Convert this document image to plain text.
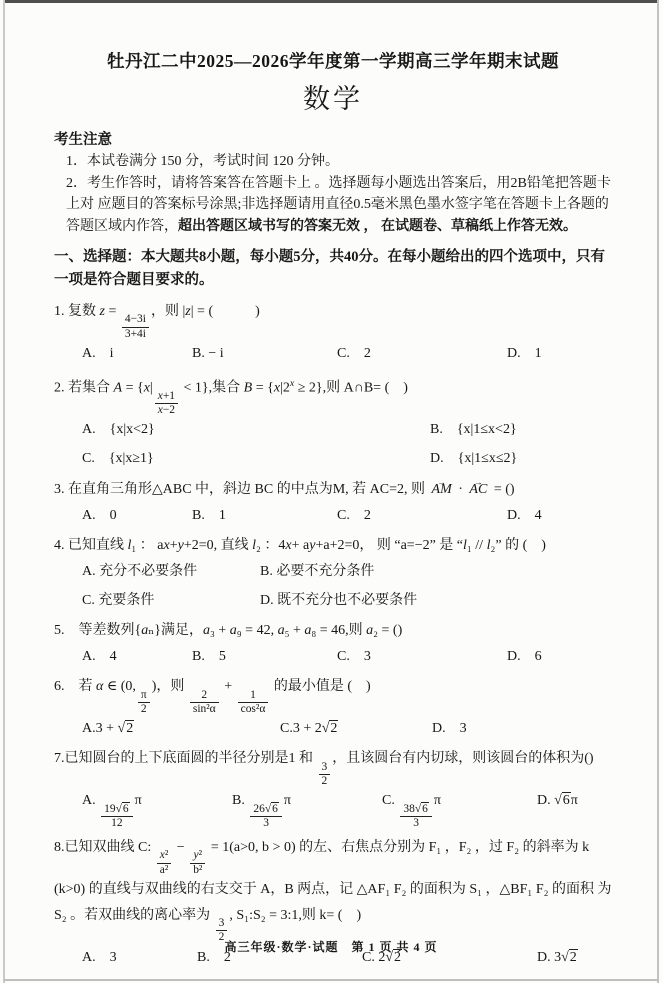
牡丹江二中2025—2026学年度第一学期高三学年期末试题
数学

考生注意

1．本试卷满分 150 分，考试时间 120 分钟。

2．考生作答时，请将答案答在答题卡上 。选择题每小题选出答案后，用2B铅笔把答题卡上对 应题目的答案标号涂黑;非选择题请用直径0.5毫米黑色墨水签字笔在答题卡上各题的答题区域内作答，超出答题区域书写的答案无效 ， 在试题卷、草稿纸上作答无效。

一、选择题：本大题共8小题，每小题5分，共40分。在每小题给出的四个选项中，只有一项是符合题目要求的。

1. 复数 z =
$\frac{4-3i}{3+4i}$
，则 |z| = (　　　)

A.　i	B. − i	C.　2	D.　1

2. 若集合 A = {x|
$\frac{x+1}{x-2}$
< 1},集合 $B = \{x|2^x \ge 2\}$,则 A∩B= (　)

A.　{x|x<2}	B.　{x|1≤x<2}
C.　{x|x≥1}	D.　{x|1≤x≤2}

3. 在直角三角形△ABC 中，斜边 BC 的中点为M, 若 AC=2, 则 AM → · AC → = ()

A.　0	B.　1	C.　2	D.　4

4. 已知直线 l₁ ： ax+y+2=0, 直线 l₂ ：4x+ ay+a+2=0， 则 “a=−2” 是 “l₁ // l₂” 的 (　)

A. 充分不必要条件	B. 必要不充分条件
C. 充要条件	D. 既不充分也不必要条件

5.　等差数列{aₙ}满足，a₃ + a₉ = 42, a₅ + a₈ = 46,则 a₂ = ()

A.　4	B.　5	C.　3	D.　6

6.　若 α ∈ (0,
$\frac{\pi}{2}$
)，则
$\frac{2}{\text{sin²α}}$
+
$\frac{1}{\text{cos²α}}$
的最小值是 (　)

A.3 + √2	C.3 + 2√2	D.　3

7.已知圆台的上下底面圆的半径分别是1 和
$\frac{3}{2}$
，且该圆台有内切球，则该圆台的体积为()

A.
$\frac{19√6}{12}$
π	B.
$\frac{26√6}{3}$
π	C.
$\frac{38√6}{3}$
π	D. √6π

8.已知双曲线 C:
$\frac{\text{x²}}{\text{a²}}$
−
$\frac{\text{y²}}{\text{b²}}$
= 1(a>0, b > 0) 的左、右焦点分别为 F₁ ，F₂ ，过 F₂ 的斜率为 k (k>0) 的直线与双曲线的右支交于 A，B 两点，记 △AF₁ F₂ 的面积为 S₁ ，△BF₁ F₂ 的面积 为 S₂ 。若双曲线的离心率为
$\frac{3}{2}$
, S₁:S₂ = 3:1,则 k= (　)

A.　3	B.　2	C. 2√2	D. 3√2

高三年级·数学·试题　第 1 页 共 4 页
